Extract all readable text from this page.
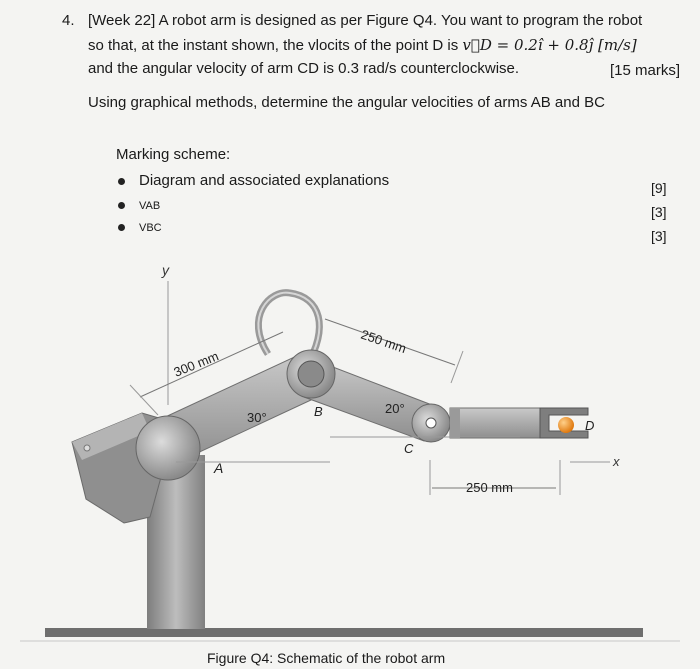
4. [Week 22] A robot arm is designed as per Figure Q4. You want to program the robot
so that, at the instant shown, the vlocits of the point D is v⃗D = 0.2î + 0.8ĵ [m/s]
and the angular velocity of arm CD is 0.3 rad/s counterclockwise.	[15 marks]
Using graphical methods, determine the angular velocities of arms AB and BC
Marking scheme:
Diagram and associated explanations
VAB
VBC
[9]
[3]
[3]
y
x
300 mm
250 mm
250 mm
30°
20°
A
B
C
D
Figure Q4: Schematic of the robot arm
